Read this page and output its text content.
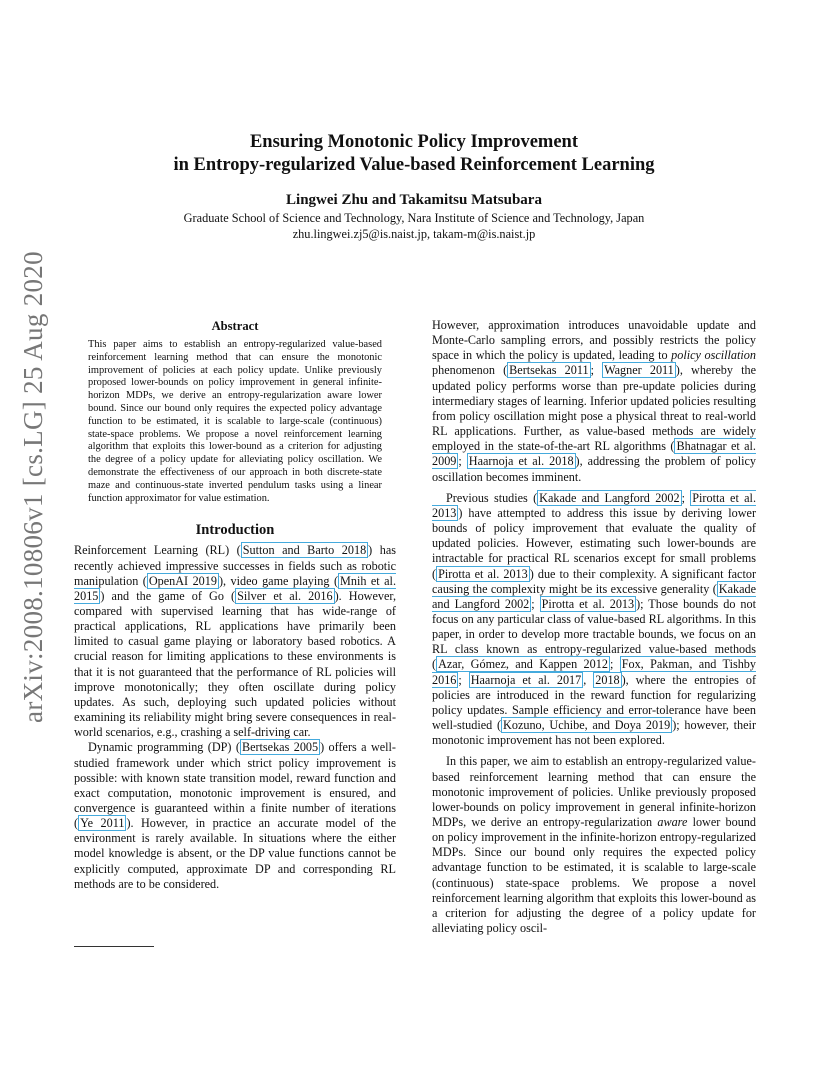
arXiv:2008.10806v1 [cs.LG] 25 Aug 2020
Ensuring Monotonic Policy Improvement
in Entropy-regularized Value-based Reinforcement Learning
Lingwei Zhu and Takamitsu Matsubara
Graduate School of Science and Technology, Nara Institute of Science and Technology, Japan
zhu.lingwei.zj5@is.naist.jp, takam-m@is.naist.jp
Abstract
This paper aims to establish an entropy-regularized value-based reinforcement learning method that can ensure the monotonic improvement of policies at each policy update. Unlike previously proposed lower-bounds on policy improvement in general infinite-horizon MDPs, we derive an entropy-regularization aware lower bound. Since our bound only requires the expected policy advantage function to be estimated, it is scalable to large-scale (continuous) state-space problems. We propose a novel reinforcement learning algorithm that exploits this lower-bound as a criterion for adjusting the degree of a policy update for alleviating policy oscillation. We demonstrate the effectiveness of our approach in both discrete-state maze and continuous-state inverted pendulum tasks using a linear function approximator for value estimation.
Introduction

Reinforcement Learning (RL) ( Sutton and Barto 2018 ) has recently achieved impressive successes in fields such as robotic manipulation ( OpenAI 2019 ), video game playing ( Mnih et al. 2015 ) and the game of Go ( Silver et al. 2016 ). However, compared with supervised learning that has wide-range of practical applications, RL applications have primarily been limited to casual game playing or laboratory based robotics. A crucial reason for limiting applications to these environments is that it is not guaranteed that the performance of RL policies will improve monotonically; they often oscillate during policy updates. As such, deploying such updated policies without examining its reliability might bring severe consequences in real-world scenarios, e.g., crashing a self-driving car.

Dynamic programming (DP) ( Bertsekas 2005 ) offers a well-studied framework under which strict policy improvement is possible: with known state transition model, reward function and exact computation, monotonic improvement is ensured, and convergence is guaranteed within a finite number of iterations ( Ye 2011 ). However, in practice an accurate model of the environment is rarely available. In situations where the either model knowledge is absent, or the DP value functions cannot be explicitly computed, approximate DP and corresponding RL methods are to be considered.

However, approximation introduces unavoidable update and Monte-Carlo sampling errors, and possibly restricts the policy space in which the policy is updated, leading to policy oscillation phenomenon ( Bertsekas 2011 ; Wagner 2011 ), whereby the updated policy performs worse than pre-update policies during intermediary stages of learning. Inferior updated policies resulting from policy oscillation might pose a physical threat to real-world RL applications. Further, as value-based methods are widely employed in the state-of-the-art RL algorithms ( Bhatnagar et al. 2009 ; Haarnoja et al. 2018 ), addressing the problem of policy oscillation becomes imminent.

Previous studies ( Kakade and Langford 2002 ; Pirotta et al. 2013 ) have attempted to address this issue by deriving lower bounds of policy improvement that evaluate the quality of updated policies. However, estimating such lower-bounds are intractable for practical RL scenarios except for small problems ( Pirotta et al. 2013 ) due to their complexity. A significant factor causing the complexity might be its excessive generality ( Kakade and Langford 2002 ; Pirotta et al. 2013 ); Those bounds do not focus on any particular class of value-based RL algorithms. In this paper, in order to develop more tractable bounds, we focus on an RL class known as entropy-regularized value-based methods ( Azar, Gómez, and Kappen 2012 ; Fox, Pakman, and Tishby 2016 ; Haarnoja et al. 2017 , 2018 ), where the entropies of policies are introduced in the reward function for regularizing policy updates. Sample efficiency and error-tolerance have been well-studied ( Kozuno, Uchibe, and Doya 2019 ); however, their monotonic improvement has not been explored.

In this paper, we aim to establish an entropy-regularized value-based reinforcement learning method that can ensure the monotonic improvement of policies. Unlike previously proposed lower-bounds on policy improvement in general infinite-horizon MDPs, we derive an entropy-regularization aware lower bound on policy improvement in the infinite-horizon entropy-regularized MDPs. Since our bound only requires the expected policy advantage function to be estimated, it is scalable to large-scale (continuous) state-space problems. We propose a novel reinforcement learning algorithm that exploits this lower-bound as a criterion for adjusting the degree of a policy update for alleviating policy oscil-
